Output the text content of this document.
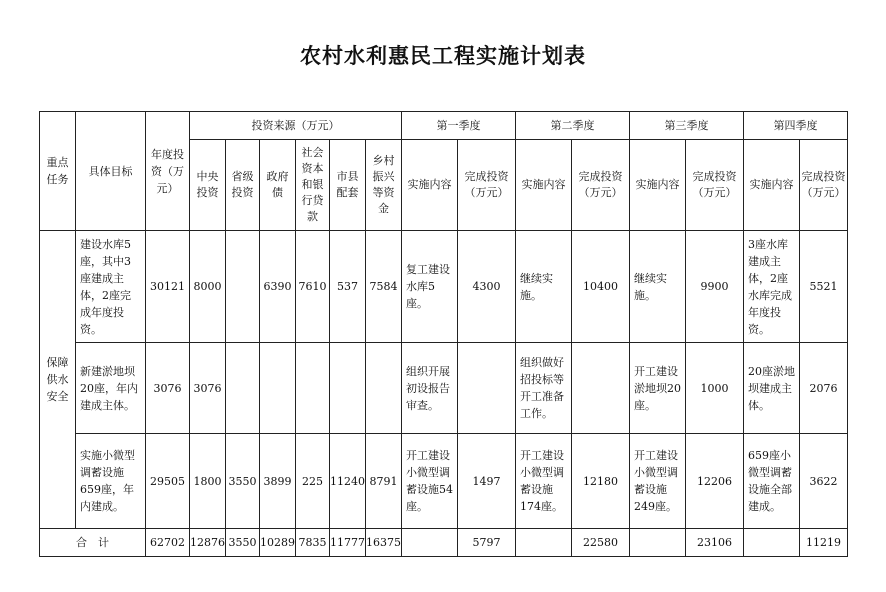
农村水利惠民工程实施计划表
重点任务	具体目标	年度投资（万元）	投资来源（万元）						第一季度		第二季度		第三季度		第四季度	

			中央投资	省级投资	政府债	社会资本和银行贷款	市县配套	乡村振兴等资金	实施内容	完成投资（万元）	实施内容	完成投资（万元）	实施内容	完成投资（万元）	实施内容	完成投资（万元）

保障供水安全	建设水库5座，其中3座建成主体，2座完成年度投资。	30121	8000		6390	7610	537	7584	复工建设水库5座。	4300	继续实施。	10400	继续实施。	9900	3座水库建成主体，2座水库完成年度投资。	5521
	新建淤地坝20座，年内建成主体。	3076	3076						组织开展初设报告审查。		组织做好招投标等开工准备工作。		开工建设淤地坝20座。	1000	20座淤地坝建成主体。	2076
	实施小微型调蓄设施659座，年内建成。	29505	1800	3550	3899	225	11240	8791	开工建设小微型调蓄设施54座。	1497	开工建设小微型调蓄设施174座。	12180	开工建设小微型调蓄设施249座。	12206	659座小微型调蓄设施全部建成。	3622
合　计		62702	12876	3550	10289	7835	11777	16375		5797		22580		23106		11219
